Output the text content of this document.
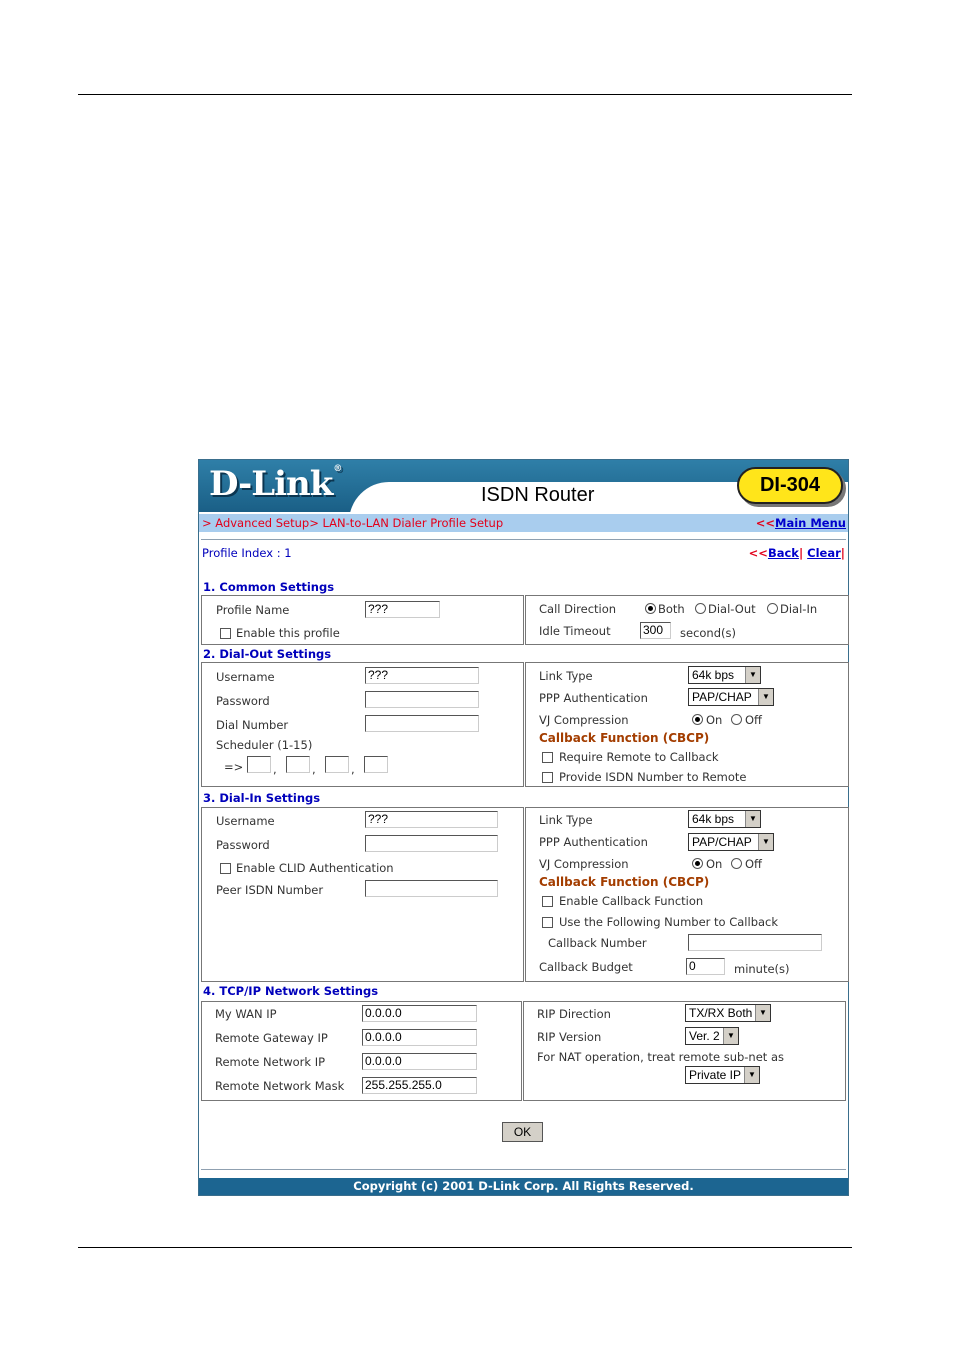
D-Link®
ISDN Router	DI-304
> Advanced Setup> LAN-to-LAN Dialer Profile Setup	<<Main Menu
Profile Index : 1	<<Back| Clear|
1. Common Settings
Profile Name	???
Enable this profile
Call Direction	Both Dial-Out Dial-In
Idle Timeout	300	second(s)
2. Dial-Out Settings
Username	???
Password
Dial Number
Scheduler (1-15)
=>	,	,	,
Link Type	64k bps	▼
PPP Authentication	PAP/CHAP	▼
VJ Compression	On Off
Callback Function (CBCP)
Require Remote to Callback
Provide ISDN Number to Remote
3. Dial-In Settings
Username	???
Password
Enable CLID Authentication
Peer ISDN Number
Link Type	64k bps	▼
PPP Authentication	PAP/CHAP	▼
VJ Compression	On Off
Callback Function (CBCP)
Enable Callback Function
Use the Following Number to Callback
Callback Number
Callback Budget	0	minute(s)
4. TCP/IP Network Settings
My WAN IP	0.0.0.0
Remote Gateway IP	0.0.0.0
Remote Network IP	0.0.0.0
Remote Network Mask 255.255.255.0
RIP Direction	TX/RX Both ▼
RIP Version	Ver. 2 ▼
For NAT operation, treat remote sub-net as
Private IP ▼
OK
Copyright (c) 2001 D-Link Corp. All Rights Reserved.
